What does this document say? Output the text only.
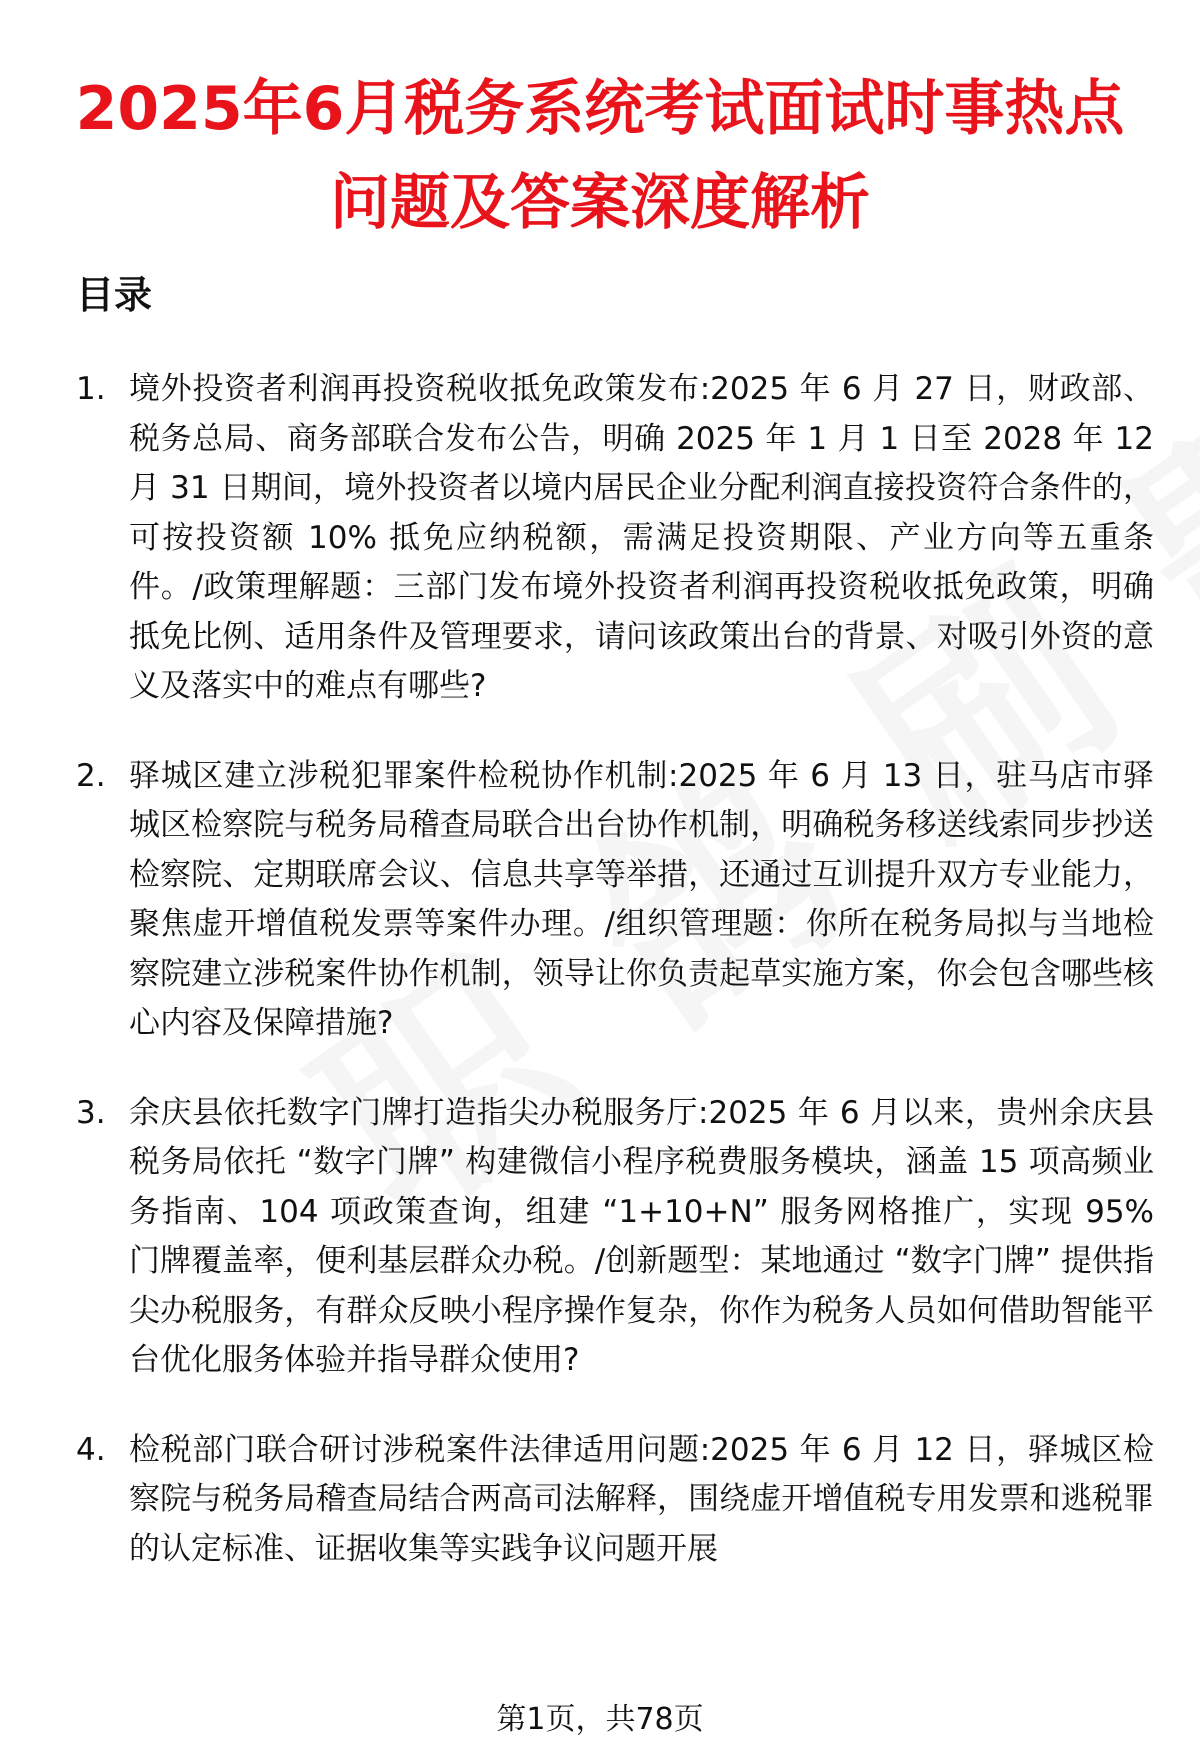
2025年6月税务系统考试面试时事热点问题及答案深度解析
目录
1. 境外投资者利润再投资税收抵免政策发布:2025 年 6 月 27 日，财政部、税务总局、商务部联合发布公告，明确 2025 年 1 月 1 日至 2028 年 12 月 31 日期间，境外投资者以境内居民企业分配利润直接投资符合条件的，可按投资额 10% 抵免应纳税额，需满足投资期限、产业方向等五重条件。/政策理解题：三部门发布境外投资者利润再投资税收抵免政策，明确抵免比例、适用条件及管理要求，请问该政策出台的背景、对吸引外资的意义及落实中的难点有哪些?
2. 驿城区建立涉税犯罪案件检税协作机制:2025 年 6 月 13 日，驻马店市驿城区检察院与税务局稽查局联合出台协作机制，明确税务移送线索同步抄送检察院、定期联席会议、信息共享等举措，还通过互训提升双方专业能力，聚焦虚开增值税发票等案件办理。/组织管理题：你所在税务局拟与当地检察院建立涉税案件协作机制，领导让你负责起草实施方案，你会包含哪些核心内容及保障措施?
3. 余庆县依托数字门牌打造指尖办税服务厅:2025 年 6 月以来，贵州余庆县税务局依托 “数字门牌” 构建微信小程序税费服务模块，涵盖 15 项高频业务指南、104 项政策查询，组建 “1+10+N” 服务网格推广，实现 95% 门牌覆盖率，便利基层群众办税。/创新题型：某地通过 “数字门牌” 提供指尖办税服务，有群众反映小程序操作复杂，你作为税务人员如何借助智能平台优化服务体验并指导群众使用?
4. 检税部门联合研讨涉税案件法律适用问题:2025 年 6 月 12 日，驿城区检察院与税务局稽查局结合两高司法解释，围绕虚开增值税专用发票和逃税罪的认定标准、证据收集等实践争议问题开展
第1页，共78页
